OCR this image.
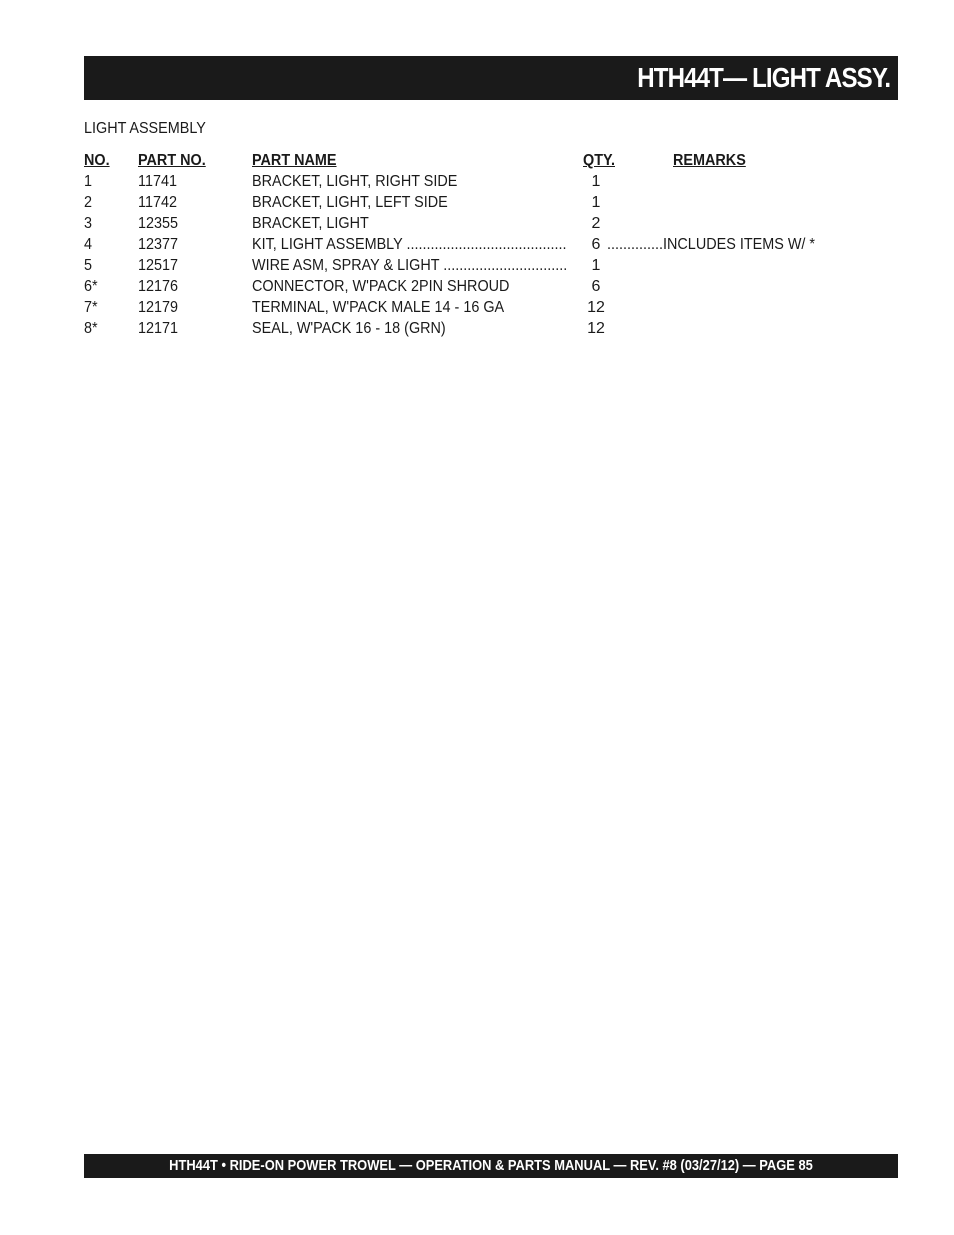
HTH44T— LIGHT ASSY.
LIGHT ASSEMBLY
NO. PART NO.	PART NAME	QTY.	REMARKS
1	11741	BRACKET, LIGHT, RIGHT SIDE	1
2	11742	BRACKET, LIGHT, LEFT SIDE	1
3	12355	BRACKET, LIGHT	2
4	12377	KIT, LIGHT ASSEMBLY ........................................	6 ..............INCLUDES ITEMS W/ *
5	12517	WIRE ASM, SPRAY & LIGHT ...............................	1
6*	12176	CONNECTOR, W'PACK 2PIN SHROUD	6
7*	12179	TERMINAL, W'PACK MALE 14 - 16 GA	12
8*	12171	SEAL, W'PACK 16 - 18 (GRN)	12
HTH44T • RIDE-ON POWER TROWEL — OPERATION & PARTS MANUAL — REV. #8 (03/27/12) — PAGE 85
